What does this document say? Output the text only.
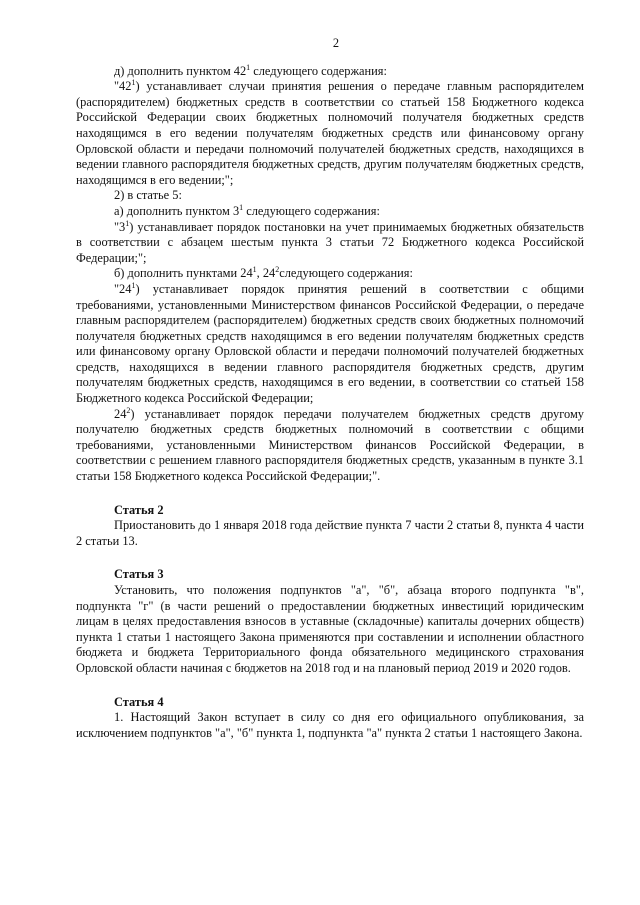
2

д) дополнить пунктом $42^1$ следующего содержания:

"$42^1$) устанавливает случаи принятия решения о передаче главным распорядителем (распорядителем) бюджетных средств в соответствии со статьей 158 Бюджетного кодекса Российской Федерации своих бюджетных полномочий получателя бюджетных средств находящимся в его ведении получателям бюджетных средств или финансовому органу Орловской области и передачи полномочий получателей бюджетных средств, находящихся в ведении главного распорядителя бюджетных средств, другим получателям бюджетных средств, находящимся в его ведении;";

2) в статье 5:

а) дополнить пунктом $3^1$ следующего содержания:

"$3^1$) устанавливает порядок постановки на учет принимаемых бюджетных обязательств в соответствии с абзацем шестым пункта 3 статьи 72 Бюджетного кодекса Российской Федерации;";

б) дополнить пунктами $24^1$, $24^2следующего$ содержания:

"$24^1$) устанавливает порядок принятия решений в соответствии с общими требованиями, установленными Министерством финансов Российской Федерации, о передаче главным распорядителем (распорядителем) бюджетных средств своих бюджетных полномочий получателя бюджетных средств находящимся в его ведении получателям бюджетных средств или финансовому органу Орловской области и передачи полномочий получателей бюджетных средств, находящихся в ведении главного распорядителя бюджетных средств, другим получателям бюджетных средств, находящимся в его ведении, в соответствии со статьей 158 Бюджетного кодекса Российской Федерации;

$24^2$) устанавливает порядок передачи получателем бюджетных средств другому получателю бюджетных средств бюджетных полномочий в соответствии с общими требованиями, установленными Министерством финансов Российской Федерации, в соответствии с решением главного распорядителя бюджетных средств, указанным в пункте 3.1 статьи 158 Бюджетного кодекса Российской Федерации;".

Статья 2

Приостановить до 1 января 2018 года действие пункта 7 части 2 статьи 8, пункта 4 части 2 статьи 13.

Статья 3

Установить, что положения подпунктов "а", "б", абзаца второго подпункта "в", подпункта "г" (в части решений о предоставлении бюджетных инвестиций юридическим лицам в целях предоставления взносов в уставные (складочные) капиталы дочерних обществ) пункта 1 статьи 1 настоящего Закона применяются при составлении и исполнении областного бюджета и бюджета Территориального фонда обязательного медицинского страхования Орловской области начиная с бюджетов на 2018 год и на плановый период 2019 и 2020 годов.

Статья 4

1. Настоящий Закон вступает в силу со дня его официального опубликования, за исключением подпунктов "а", "б" пункта 1, подпункта "а" пункта 2 статьи 1 настоящего Закона.
